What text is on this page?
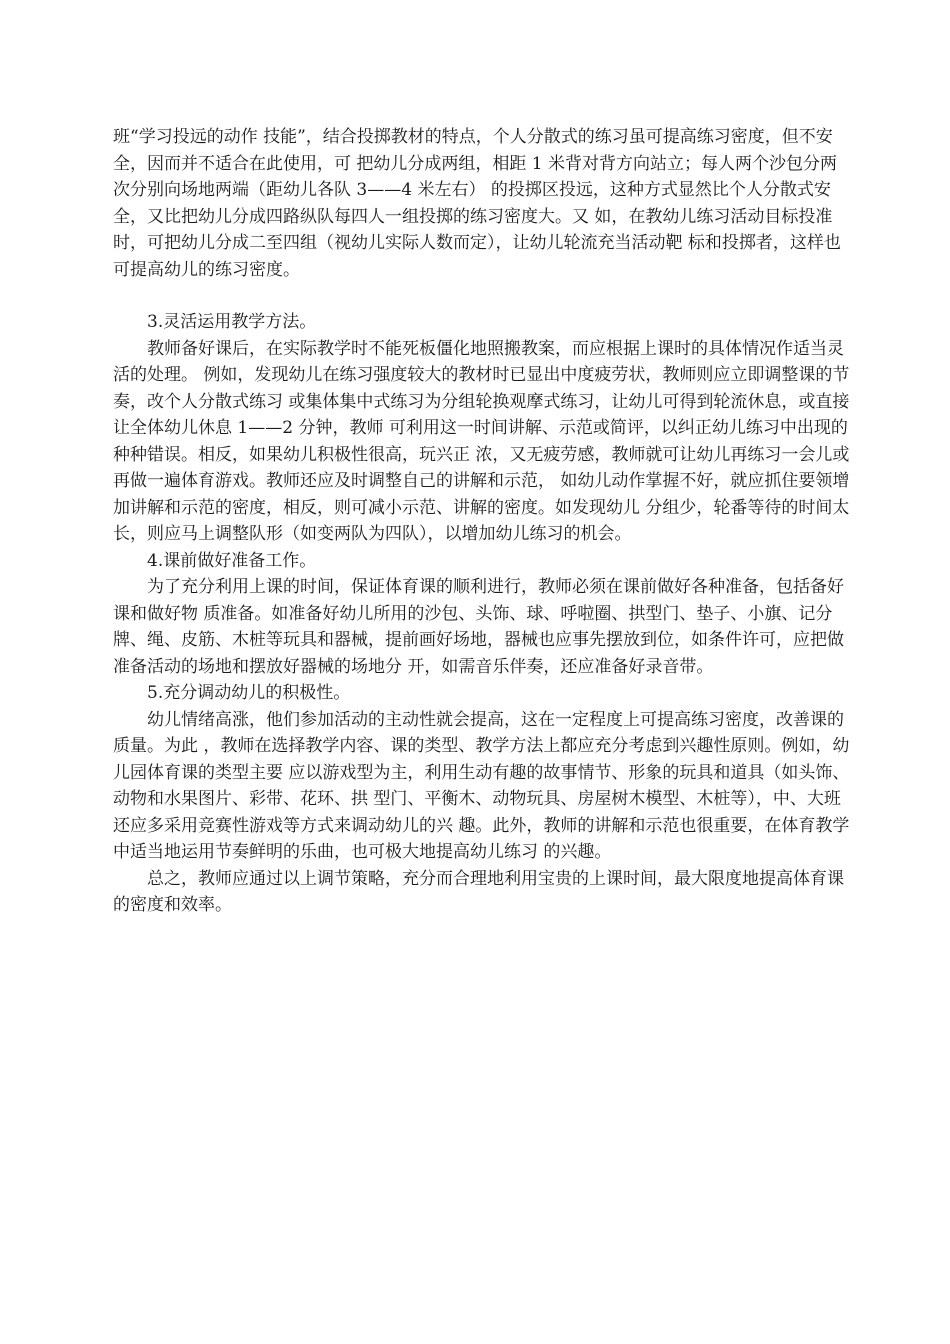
班“学习投远的动作 技能”，结合投掷教材的特点，个人分散式的练习虽可提高练习密度，但不安全，因而并不适合在此使用，可 把幼儿分成两组，相距 1 米背对背方向站立；每人两个沙包分两次分别向场地两端（距幼儿各队 3——4 米左右） 的投掷区投远，这种方式显然比个人分散式安全，又比把幼儿分成四路纵队每四人一组投掷的练习密度大。又 如，在教幼儿练习活动目标投准时，可把幼儿分成二至四组（视幼儿实际人数而定），让幼儿轮流充当活动靶 标和投掷者，这样也可提高幼儿的练习密度。

3.灵活运用教学方法。

教师备好课后，在实际教学时不能死板僵化地照搬教案，而应根据上课时的具体情况作适当灵活的处理。 例如，发现幼儿在练习强度较大的教材时已显出中度疲劳状，教师则应立即调整课的节奏，改个人分散式练习 或集体集中式练习为分组轮换观摩式练习，让幼儿可得到轮流休息，或直接让全体幼儿休息 1——2 分钟，教师 可利用这一时间讲解、示范或简评，以纠正幼儿练习中出现的种种错误。相反，如果幼儿积极性很高，玩兴正 浓，又无疲劳感，教师就可让幼儿再练习一会儿或再做一遍体育游戏。教师还应及时调整自己的讲解和示范， 如幼儿动作掌握不好，就应抓住要领增加讲解和示范的密度，相反，则可减小示范、讲解的密度。如发现幼儿 分组少，轮番等待的时间太长，则应马上调整队形（如变两队为四队），以增加幼儿练习的机会。

4.课前做好准备工作。

为了充分利用上课的时间，保证体育课的顺利进行，教师必须在课前做好各种准备，包括备好课和做好物 质准备。如准备好幼儿所用的沙包、头饰、球、呼啦圈、拱型门、垫子、小旗、记分牌、绳、皮筋、木桩等玩具和器械，提前画好场地，器械也应事先摆放到位，如条件许可，应把做准备活动的场地和摆放好器械的场地分 开，如需音乐伴奏，还应准备好录音带。

5.充分调动幼儿的积极性。

幼儿情绪高涨，他们参加活动的主动性就会提高，这在一定程度上可提高练习密度，改善课的质量。为此 ，教师在选择教学内容、课的类型、教学方法上都应充分考虑到兴趣性原则。例如，幼儿园体育课的类型主要 应以游戏型为主，利用生动有趣的故事情节、形象的玩具和道具（如头饰、动物和水果图片、彩带、花环、拱 型门、平衡木、动物玩具、房屋树木模型、木桩等），中、大班还应多采用竞赛性游戏等方式来调动幼儿的兴 趣。此外，教师的讲解和示范也很重要，在体育教学中适当地运用节奏鲜明的乐曲，也可极大地提高幼儿练习 的兴趣。

总之，教师应通过以上调节策略，充分而合理地利用宝贵的上课时间，最大限度地提高体育课的密度和效率。
